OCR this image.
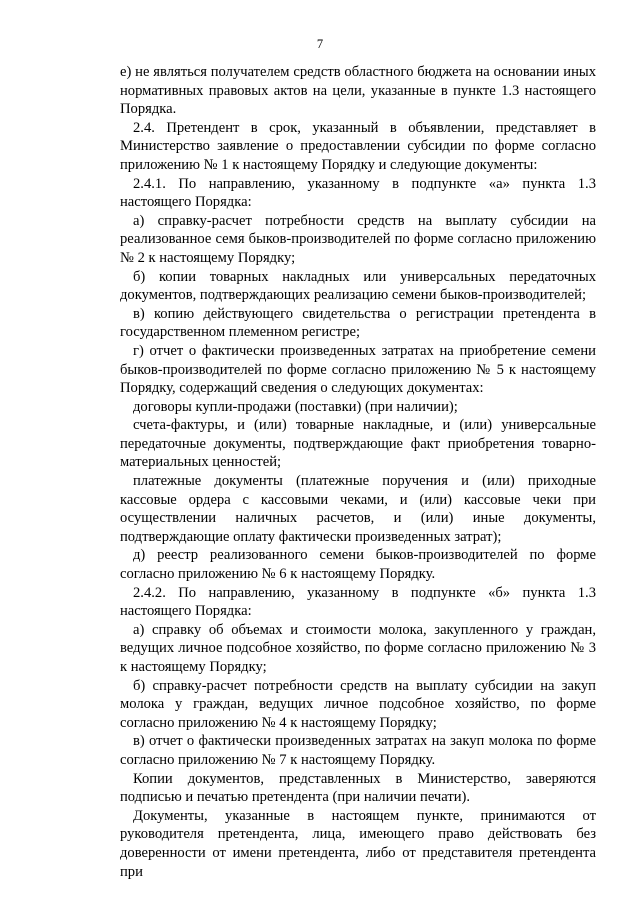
7

е) не являться получателем средств областного бюджета на основании иных нормативных правовых актов на цели, указанные в пункте 1.3 настоящего Порядка.

2.4. Претендент в срок, указанный в объявлении, представляет в Министерство заявление о предоставлении субсидии по форме согласно приложению № 1 к настоящему Порядку и следующие документы:

2.4.1. По направлению, указанному в подпункте «а» пункта 1.3 настоящего Порядка:

а) справку-расчет потребности средств на выплату субсидии на реализованное семя быков-производителей по форме согласно приложению № 2 к настоящему Порядку;

б) копии товарных накладных или универсальных передаточных документов, подтверждающих реализацию семени быков-производителей;

в) копию действующего свидетельства о регистрации претендента в государственном племенном регистре;

г) отчет о фактически произведенных затратах на приобретение семени быков-производителей по форме согласно приложению № 5 к настоящему Порядку, содержащий сведения о следующих документах:

договоры купли-продажи (поставки) (при наличии);

счета-фактуры, и (или) товарные накладные, и (или) универсальные передаточные документы, подтверждающие факт приобретения товарно-материальных ценностей;

платежные документы (платежные поручения и (или) приходные кассовые ордера с кассовыми чеками, и (или) кассовые чеки при осуществлении наличных расчетов, и (или) иные документы, подтверждающие оплату фактически произведенных затрат);

д) реестр реализованного семени быков-производителей по форме согласно приложению № 6 к настоящему Порядку.

2.4.2. По направлению, указанному в подпункте «б» пункта 1.3 настоящего Порядка:

а) справку об объемах и стоимости молока, закупленного у граждан, ведущих личное подсобное хозяйство, по форме согласно приложению № 3 к настоящему Порядку;

б) справку-расчет потребности средств на выплату субсидии на закуп молока у граждан, ведущих личное подсобное хозяйство, по форме согласно приложению № 4 к настоящему Порядку;

в) отчет о фактически произведенных затратах на закуп молока по форме согласно приложению № 7 к настоящему Порядку.

Копии документов, представленных в Министерство, заверяются подписью и печатью претендента (при наличии печати).

Документы, указанные в настоящем пункте, принимаются от руководителя претендента, лица, имеющего право действовать без доверенности от имени претендента, либо от представителя претендента при
